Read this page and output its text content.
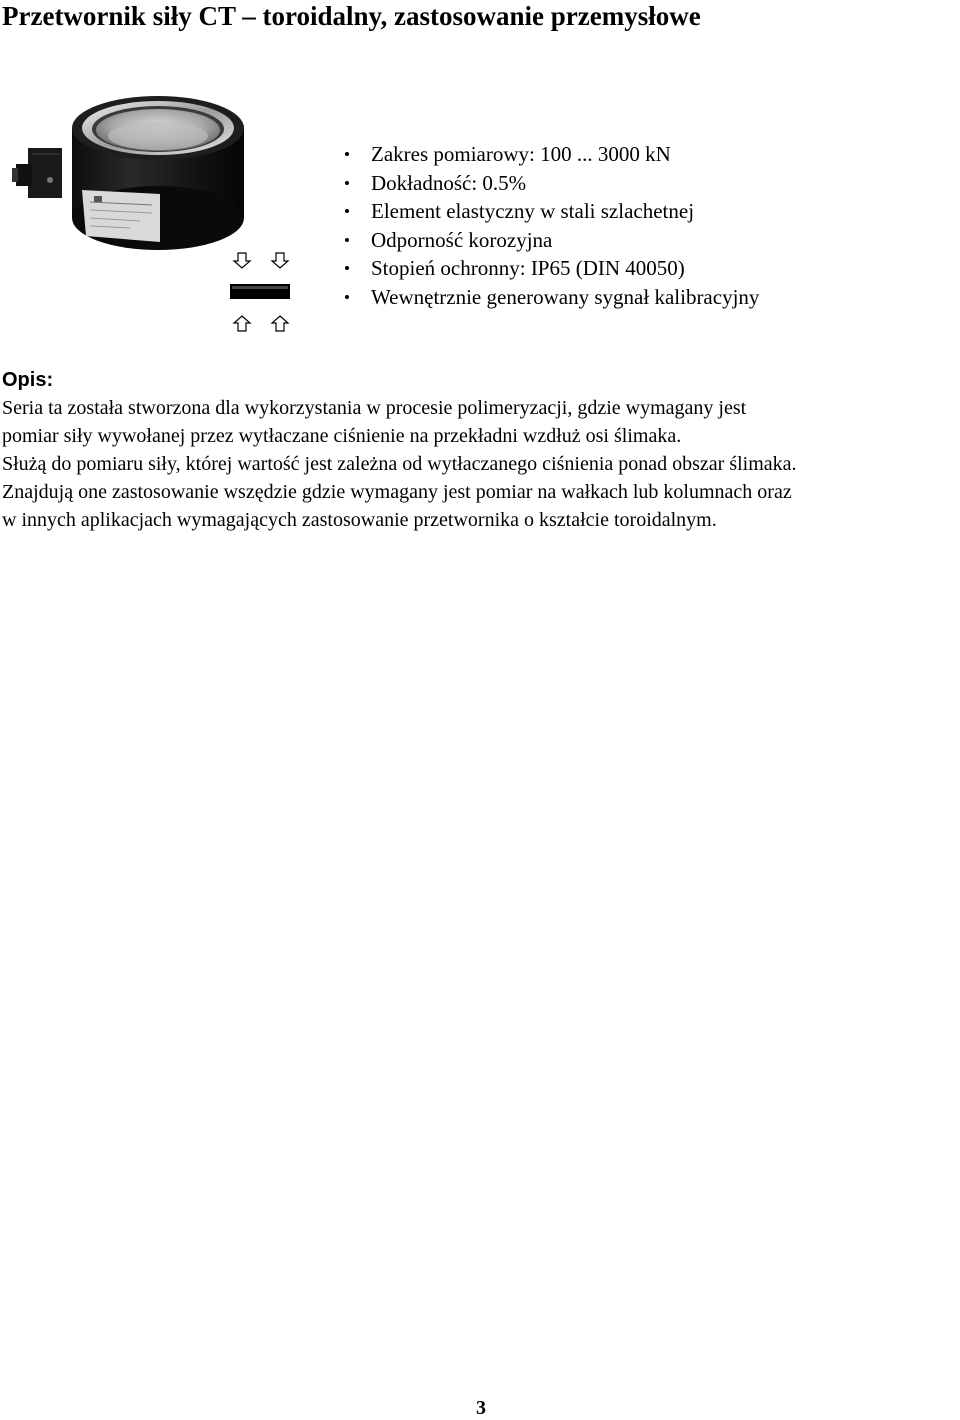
Przetwornik siły CT – toroidalny, zastosowanie przemysłowe
Zakres pomiarowy: 100 ... 3000 kN
Dokładność: 0.5%
Element elastyczny w stali szlachetnej
Odporność korozyjna
Stopień ochronny: IP65 (DIN 40050)
Wewnętrznie generowany sygnał kalibracyjny
Opis:

Seria ta została stworzona dla wykorzystania w procesie polimeryzacji, gdzie wymagany jest

pomiar siły wywołanej przez wytłaczane ciśnienie na przekładni wzdłuż osi ślimaka.

Służą do pomiaru siły, której wartość jest zależna od wytłaczanego ciśnienia ponad obszar ślimaka.

Znajdują one zastosowanie wszędzie gdzie wymagany jest pomiar na wałkach lub kolumnach oraz

w innych aplikacjach wymagających zastosowanie przetwornika o kształcie toroidalnym.

3
